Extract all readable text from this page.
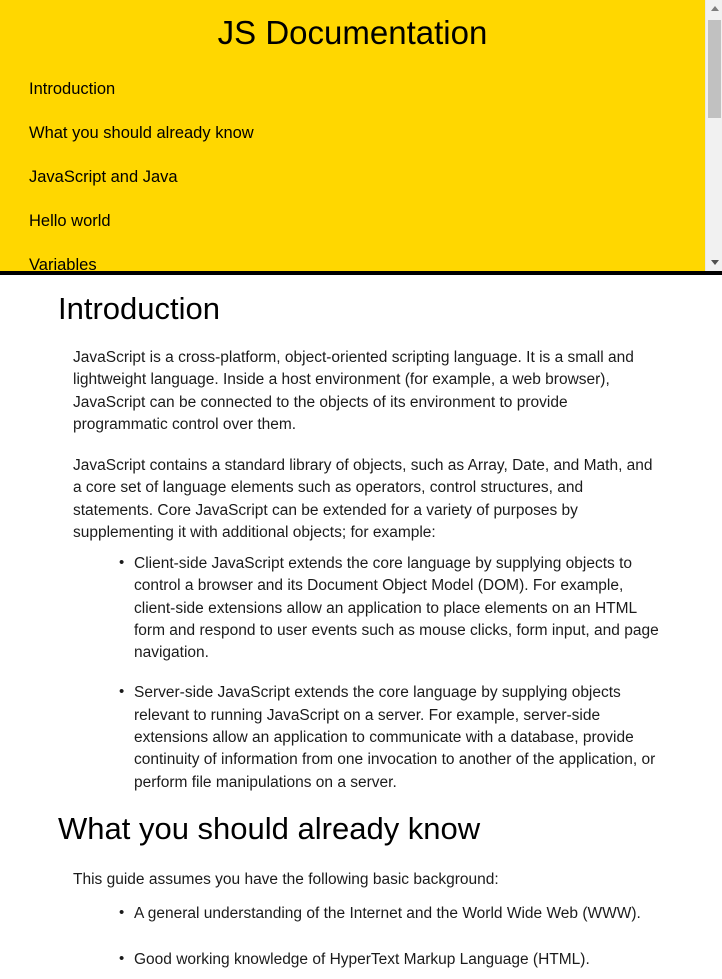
JS Documentation
Introduction
What you should already know
JavaScript and Java
Hello world
Variables
Introduction

JavaScript is a cross-platform, object-oriented scripting language. It is a small and lightweight language. Inside a host environment (for example, a web browser), JavaScript can be connected to the objects of its environment to provide programmatic control over them.

JavaScript contains a standard library of objects, such as Array, Date, and Math, and a core set of language elements such as operators, control structures, and statements. Core JavaScript can be extended for a variety of purposes by supplementing it with additional objects; for example:

• Client-side JavaScript extends the core language by supplying objects to control a browser and its Document Object Model (DOM). For example, client-side extensions allow an application to place elements on an HTML form and respond to user events such as mouse clicks, form input, and page navigation.
• Server-side JavaScript extends the core language by supplying objects relevant to running JavaScript on a server. For example, server-side extensions allow an application to communicate with a database, provide continuity of information from one invocation to another of the application, or perform file manipulations on a server.
What you should already know

This guide assumes you have the following basic background:

• A general understanding of the Internet and the World Wide Web (WWW).
• Good working knowledge of HyperText Markup Language (HTML).
